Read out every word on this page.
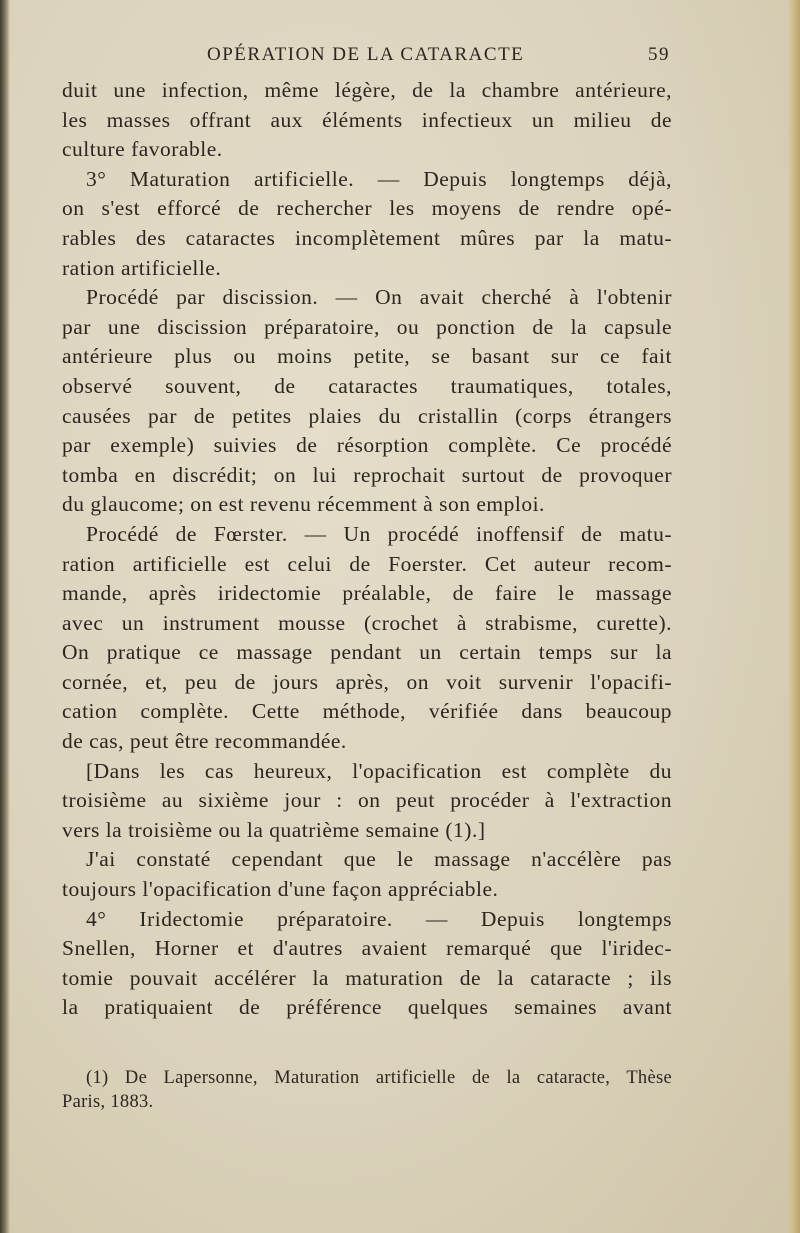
OPÉRATION DE LA CATARACTE	59
duit une infection, même légère, de la chambre antérieure,
les masses offrant aux éléments infectieux un milieu de
culture favorable.
3° Maturation artificielle. — Depuis longtemps déjà,
on s'est efforcé de rechercher les moyens de rendre opé-
rables des cataractes incomplètement mûres par la matu-
ration artificielle.
Procédé par discission. — On avait cherché à l'obtenir
par une discission préparatoire, ou ponction de la capsule
antérieure plus ou moins petite, se basant sur ce fait
observé souvent, de cataractes traumatiques, totales,
causées par de petites plaies du cristallin (corps étrangers
par exemple) suivies de résorption complète. Ce procédé
tomba en discrédit; on lui reprochait surtout de provoquer
du glaucome; on est revenu récemment à son emploi.
Procédé de Fœrster. — Un procédé inoffensif de matu-
ration artificielle est celui de Foerster. Cet auteur recom-
mande, après iridectomie préalable, de faire le massage
avec un instrument mousse (crochet à strabisme, curette).
On pratique ce massage pendant un certain temps sur la
cornée, et, peu de jours après, on voit survenir l'opacifi-
cation complète. Cette méthode, vérifiée dans beaucoup
de cas, peut être recommandée.
[Dans les cas heureux, l'opacification est complète du
troisième au sixième jour : on peut procéder à l'extraction
vers la troisième ou la quatrième semaine (1).]
J'ai constaté cependant que le massage n'accélère pas
toujours l'opacification d'une façon appréciable.
4° Iridectomie préparatoire. — Depuis longtemps
Snellen, Horner et d'autres avaient remarqué que l'iridec-
tomie pouvait accélérer la maturation de la cataracte ; ils
la pratiquaient de préférence quelques semaines avant
(1) De Lapersonne, Maturation artificielle de la cataracte, Thèse
Paris, 1883.
